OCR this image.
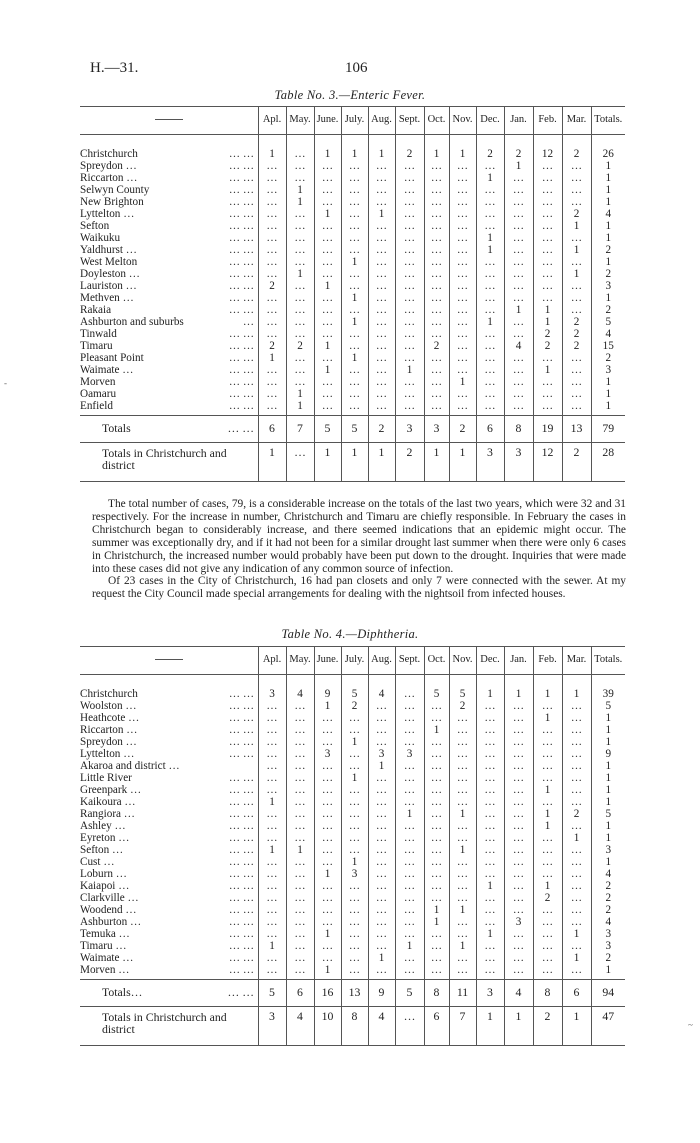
H.—31.	106
Table No. 3.—Enteric Fever.
	Apl.	May.	June.	July.	Aug.	Sept.	Oct.	Nov.	Dec.	Jan.	Feb.	Mar.	Totals.

Christchurch … …	1	…	1	1	1	2	1	1	2	2	12	2	26

Spreydon … … …	…	…	…	…	…	…	…	…	…	1	…	…	1

Riccarton … … …	…	…	…	…	…	…	…	…	1	…	…	…	1

Selwyn County … …	…	1	…	…	…	…	…	…	…	…	…	…	1

New Brighton … …	…	1	…	…	…	…	…	…	…	…	…	…	1

Lyttelton … … …	…	…	1	…	1	…	…	…	…	…	…	2	4

Sefton … …	…	…	…	…	…	…	…	…	…	…	…	1	1

Waikuku … …	…	…	…	…	…	…	…	…	1	…	…	…	1

Yaldhurst … … …	…	…	…	…	…	…	…	…	1	…	…	1	2

West Melton … …	…	…	…	1	…	…	…	…	…	…	…	…	1

Doyleston … … …	…	1	…	…	…	…	…	…	…	…	…	1	2

Lauriston … … …	2	…	1	…	…	…	…	…	…	…	…	…	3

Methven … … …	…	…	…	1	…	…	…	…	…	…	…	…	1

Rakaia … …	…	…	…	…	…	…	…	…	…	1	1	…	2

Ashburton and suburbs …	…	…	…	1	…	…	…	…	1	…	1	2	5

Tinwald … …	…	…	…	…	…	…	…	…	…	…	2	2	4

Timaru … …	2	2	1	…	…	…	2	…	…	4	2	2	15

Pleasant Point … …	1	…	…	1	…	…	…	…	…	…	…	…	2

Waimate … … …	…	…	1	…	…	1	…	…	…	…	1	…	3

Morven … …	…	…	…	…	…	…	…	1	…	…	…	…	1

Oamaru … …	…	1	…	…	…	…	…	…	…	…	…	…	1

Enfield … …	…	1	…	…	…	…	…	…	…	…	…	…	1

Totals … …	6	7	5	5	2	3	3	2	6	8	19	13	79
Totals in Christchurch and district	1	…	1	1	1	2	1	1	3	3	12	2	28

The total number of cases, 79, is a considerable increase on the totals of the last two years, which were 32 and 31 respectively. For the increase in number, Christchurch and Timaru are chiefly responsible. In February the cases in Christchurch began to considerably increase, and there seemed indications that an epidemic might occur. The summer was exceptionally dry, and if it had not been for a similar drought last summer when there were only 6 cases in Christchurch, the increased number would probably have been put down to the drought. Inquiries that were made into these cases did not give any indication of any common source of infection.

Of 23 cases in the City of Christchurch, 16 had pan closets and only 7 were connected with the sewer. At my request the City Council made special arrangements for dealing with the nightsoil from infected houses.

Table No. 4.—Diphtheria.
	Apl.	May.	June.	July.	Aug.	Sept.	Oct.	Nov.	Dec.	Jan.	Feb.	Mar.	Totals.

Christchurch … …	3	4	9	5	4	…	5	5	1	1	1	1	39

Woolston … … …	…	…	1	2	…	…	…	2	…	…	…	…	5

Heathcote … … …	…	…	…	…	…	…	…	…	…	…	1	…	1

Riccarton … … …	…	…	…	…	…	…	1	…	…	…	…	…	1

Spreydon … … …	…	…	…	1	…	…	…	…	…	…	…	…	1

Lyttelton … … …	…	…	3	…	3	3	…	…	…	…	…	…	9

Akaroa and district …	…	…	…	…	1	…	…	…	…	…	…	…	1

Little River … …	…	…	…	1	…	…	…	…	…	…	…	…	1

Greenpark … … …	…	…	…	…	…	…	…	…	…	…	1	…	1

Kaikoura … … …	1	…	…	…	…	…	…	…	…	…	…	…	1

Rangiora … … …	…	…	…	…	…	1	…	1	…	…	1	2	5

Ashley … … …	…	…	…	…	…	…	…	…	…	…	1	…	1

Eyreton … … …	…	…	…	…	…	…	…	…	…	…	…	1	1

Sefton … … …	1	1	…	…	…	…	…	1	…	…	…	…	3

Cust … … …	…	…	…	1	…	…	…	…	…	…	…	…	1

Loburn … … …	…	…	1	3	…	…	…	…	…	…	…	…	4

Kaiapoi … … …	…	…	…	…	…	…	…	…	1	…	1	…	2

Clarkville … … …	…	…	…	…	…	…	…	…	…	…	2	…	2

Woodend … … …	…	…	…	…	…	…	1	1	…	…	…	…	2

Ashburton … … …	…	…	…	…	…	…	1	…	…	3	…	…	4

Temuka … … …	…	…	1	…	…	…	…	…	1	…	…	1	3

Timaru … … …	1	…	…	…	…	1	…	1	…	…	…	…	3

Waimate … … …	…	…	…	…	1	…	…	…	…	…	…	1	2

Morven … … …	…	…	1	…	…	…	…	…	…	…	…	…	1

Totals… … …	5	6	16	13	9	5	8	11	3	4	8	6	94
Totals in Christchurch and district	3	4	10	8	4	…	6	7	1	1	2	1	47
-
~
